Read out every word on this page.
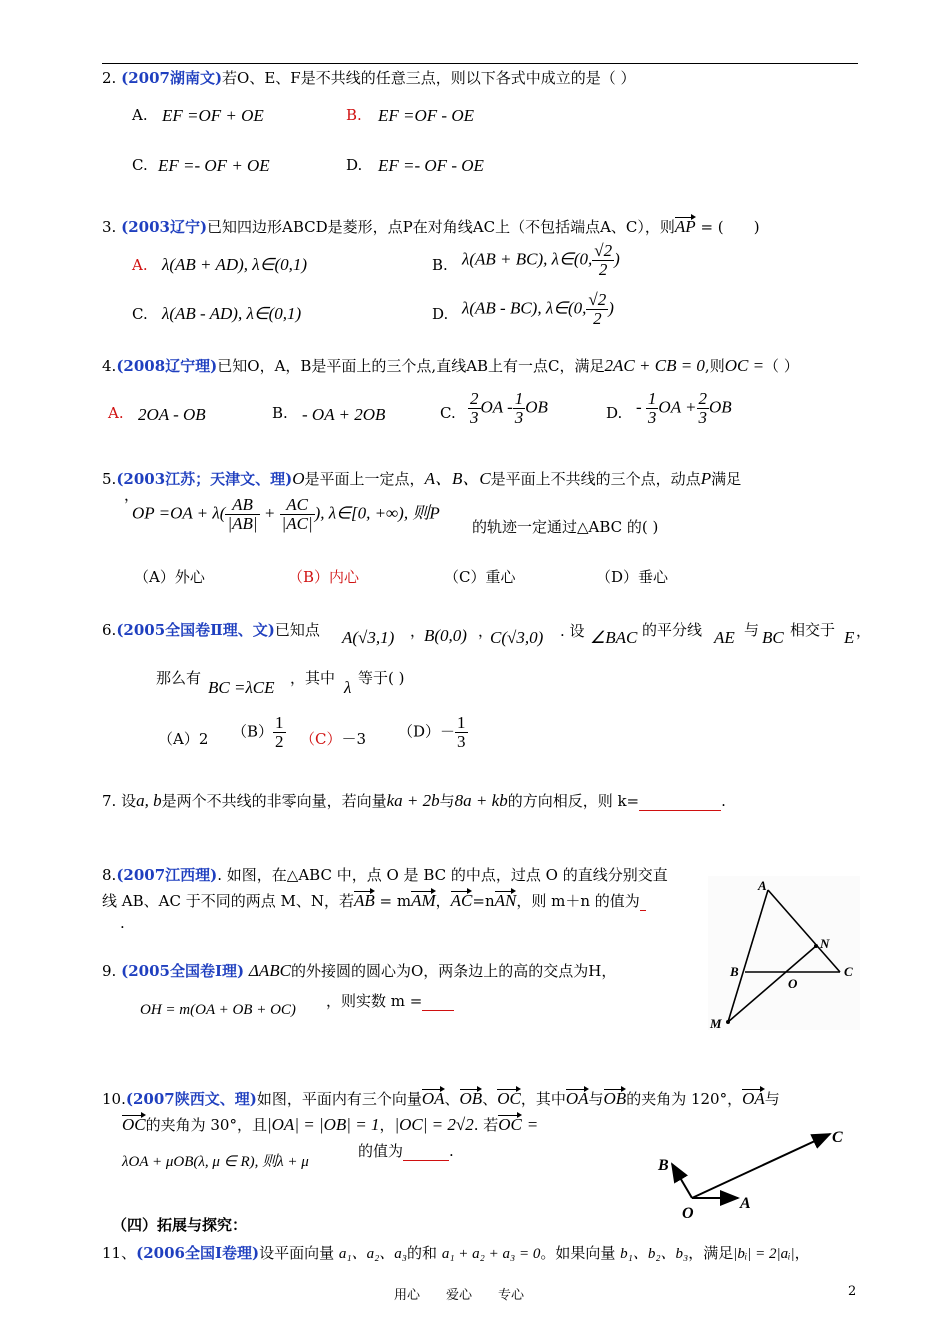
2. (2007湖南文)若O、E、F是不共线的任意三点，则以下各式中成立的是（ ）
A. EF =OF + OE	B. EF =OF - OE
C. EF =- OF + OE	D. EF =- OF - OE
3. (2003辽宁)已知四边形ABCD是菱形，点P在对角线AC上（不包括端点A、C），则AP = (　　 )
A. λ(AB + AD), λ∈(0,1)	B. λ(AB + BC), λ∈(0, $\frac{√2}{2}$ )
C. λ(AB - AD), λ∈(0,1)	D. λ(AB - BC), λ∈(0, $\frac{√2}{2}$ )
4.(2008辽宁理)已知O，A，B是平面上的三个点,直线AB上有一点C，满足2AC + CB = 0,则OC =（ ）
A. 2OA - OB	B. - OA + 2OB	C. $\frac{2}{3}$ OA - $\frac{1}{3}$ OB	D. - $\frac{1}{3}$ OA + $\frac{2}{3}$ OB
5.(2003江苏；天津文、理)O是平面上一定点，A、B、C是平面上不共线的三个点，动点P满足
，
OP $=OA + \lambda( \frac{AB}{|AB|} + \frac{AC}{|AC|}$ ), λ∈[0, +∞), 则P
的轨迹一定通过△ABC 的( )
（A）外心	（B）内心	（C）重心	（D）垂心
6.(2005全国卷Ⅱ理、文)已知点 A(√3,1) ，
B(0,0) ，
C(√3,0) . 设 ∠BAC 的平分线 AE 与 BC 相交于 E ，
那么有 BC =λCE ，其中 λ 等于( )
（A）2 $(B) \frac{1}{2} (C)-3$ $(D)- \frac{1}{3}$
7. 设a, b是两个不共线的非零向量，若向量ka + 2b与8a + kb的方向相反，则 k=	.
8.(2007江西理). 如图，在△ABC 中，点 O 是 BC 的中点，过点 O 的直线分别交直
线 AB、AC 于不同的两点 M、N，若AB = mAM，AC=nAN，则 m＋n 的值为
.
9. (2005全国卷Ⅰ理) ΔABC的外接圆的圆心为O，两条边上的高的交点为H，
OH = m(OA + OB + OC) ，则实数 m =
10.(2007陕西文、理)如图，平面内有三个向量OA、OB、OC，其中OA与OB的夹角为 120°，OA与
OC的夹角为 30°，且|OA| = |OB| = 1，|OC| = 2√2. 若OC =
λOA + μOB(λ, μ ∈ R), 则λ + μ
的值为	.
（四）拓展与探究：
11、(2006全国Ⅰ卷理)设平面向量 a₁、a₂、a₃的和 a₁ + a₂ + a₃ = 0。如果向量 b₁、b₂、b₃，满足|bᵢ| = 2|aᵢ|，
A
B	C
N
O
M
B
C
O
A
用心　　爱心　　专心	2
